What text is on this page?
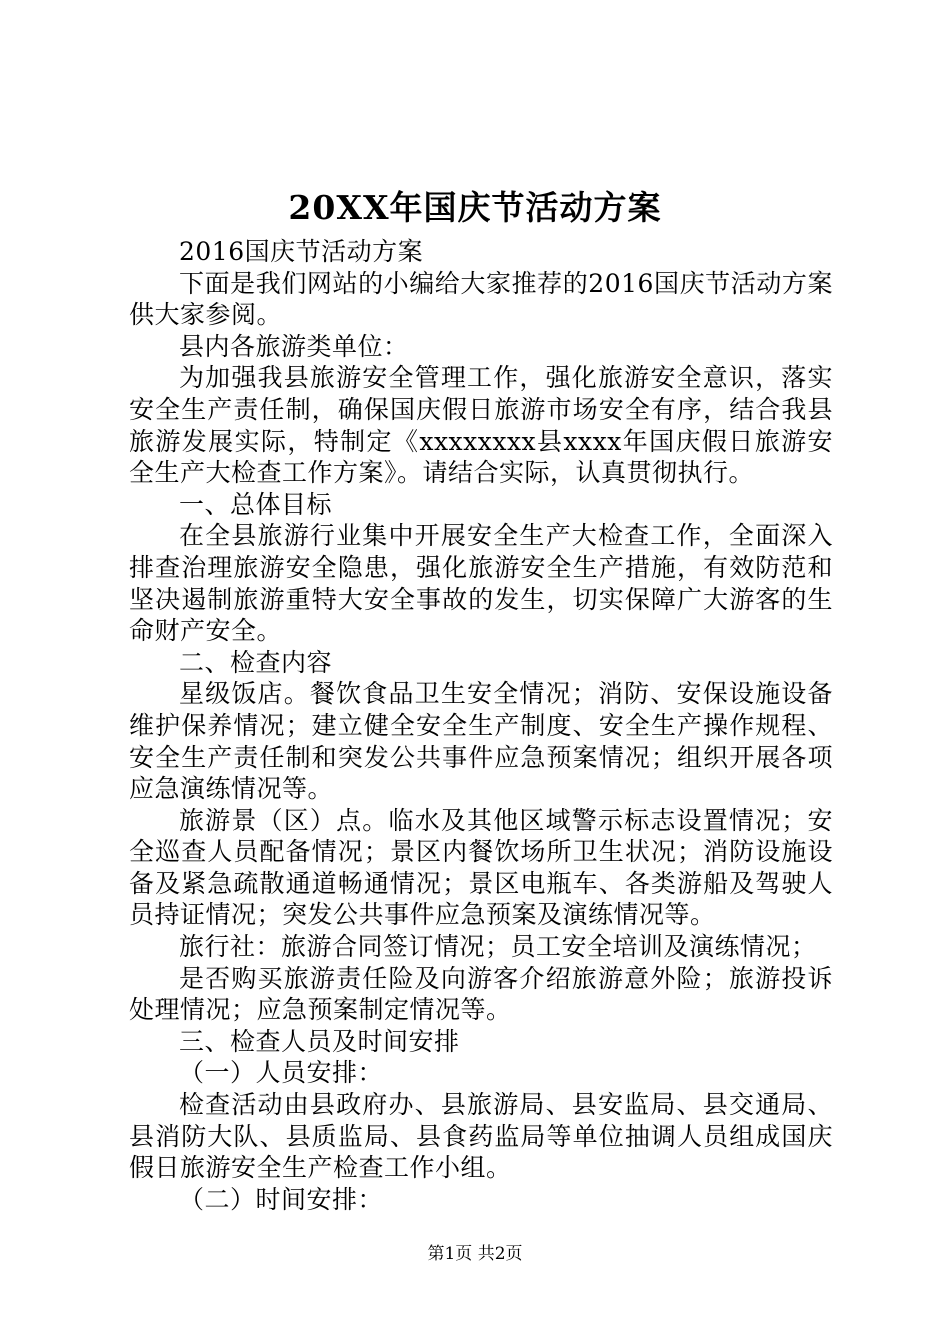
20XX年国庆节活动方案

2016国庆节活动方案

下面是我们网站的小编给大家推荐的2016国庆节活动方案供大家参阅。

县内各旅游类单位：

为加强我县旅游安全管理工作，强化旅游安全意识，落实安全生产责任制，确保国庆假日旅游市场安全有序，结合我县旅游发展实际，特制定《xxxxxxxx县xxxx年国庆假日旅游安全生产大检查工作方案》。请结合实际，认真贯彻执行。

一、总体目标

在全县旅游行业集中开展安全生产大检查工作，全面深入排查治理旅游安全隐患，强化旅游安全生产措施，有效防范和坚决遏制旅游重特大安全事故的发生，切实保障广大游客的生命财产安全。

二、检查内容

星级饭店。餐饮食品卫生安全情况；消防、安保设施设备维护保养情况；建立健全安全生产制度、安全生产操作规程、安全生产责任制和突发公共事件应急预案情况；组织开展各项应急演练情况等。

旅游景（区）点。临水及其他区域警示标志设置情况；安全巡查人员配备情况；景区内餐饮场所卫生状况；消防设施设备及紧急疏散通道畅通情况；景区电瓶车、各类游船及驾驶人员持证情况；突发公共事件应急预案及演练情况等。

旅行社：旅游合同签订情况；员工安全培训及演练情况；

是否购买旅游责任险及向游客介绍旅游意外险；旅游投诉处理情况；应急预案制定情况等。

三、检查人员及时间安排

（一）人员安排：

检查活动由县政府办、县旅游局、县安监局、县交通局、县消防大队、县质监局、县食药监局等单位抽调人员组成国庆假日旅游安全生产检查工作小组。

（二）时间安排：

第1页 共2页
